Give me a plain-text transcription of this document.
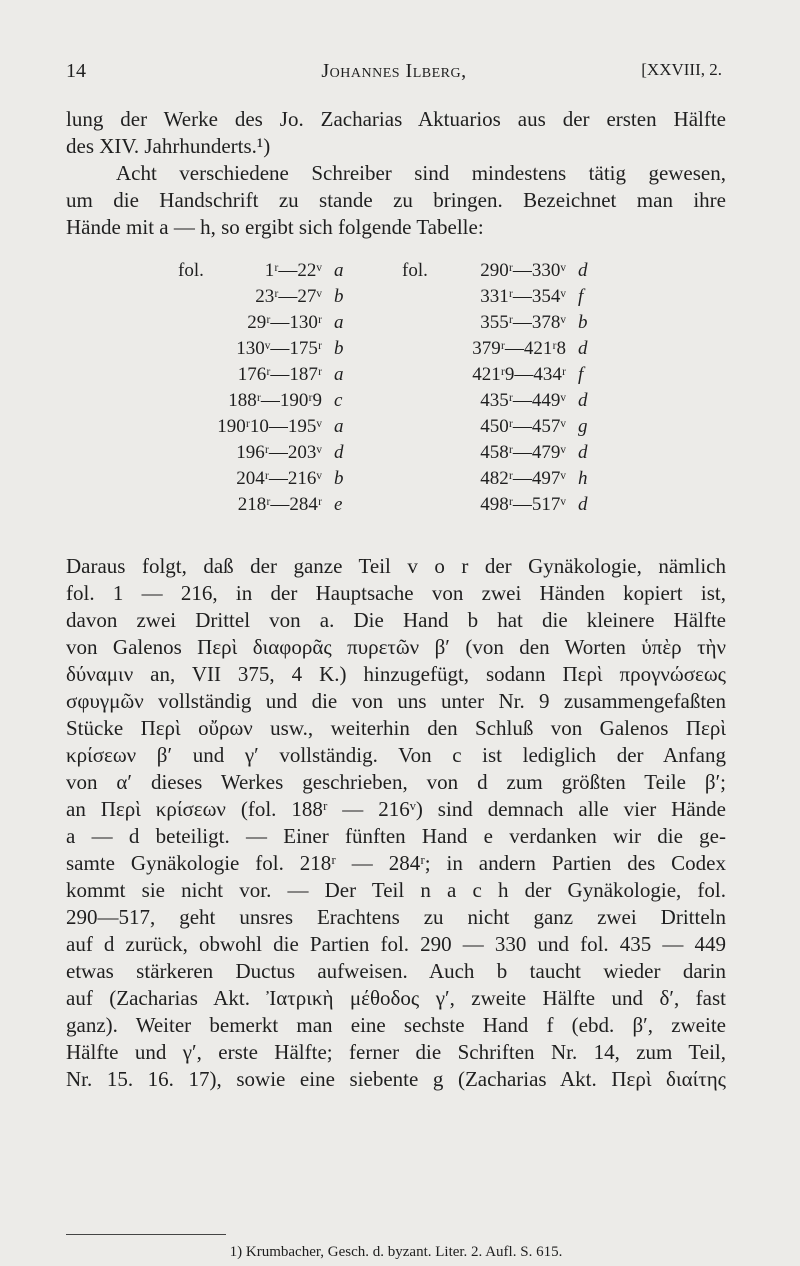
14	Johannes Ilberg,	[XXVIII, 2.
lung der Werke des Jo. Zacharias Aktuarios aus der ersten Hälfte
des XIV. Jahrhunderts.¹)
Acht verschiedene Schreiber sind mindestens tätig gewesen,
um die Handschrift zu stande zu bringen. Bezeichnet man ihre
Hände mit a — h, so ergibt sich folgende Tabelle:
fol.	fol.
1ʳ—22ᵛ a	290ʳ—330ᵛ d
23ʳ—27ᵛ b	331ʳ—354ᵛ f
29ʳ—130ʳ a	355ʳ—378ᵛ b
130ᵛ—175ʳ b	379ʳ—421ʳ8 d
176ʳ—187ʳ a	421ʳ9—434ʳ f
188ʳ—190ʳ9 c	435ʳ—449ᵛ d
190ʳ10—195ᵛ a	450ʳ—457ᵛ g
196ʳ—203ᵛ d	458ʳ—479ᵛ d
204ʳ—216ᵛ b	482ʳ—497ᵛ h
218ʳ—284ʳ e	498ʳ—517ᵛ d
Daraus folgt, daß der ganze Teil v o r der Gynäkologie, nämlich
fol. 1 — 216, in der Hauptsache von zwei Händen kopiert ist,
davon zwei Drittel von a. Die Hand b hat die kleinere Hälfte
von Galenos Περὶ διαφορᾶς πυρετῶν β′ (von den Worten ὑπὲρ τὴν
δύναμιν an, VII 375, 4 K.) hinzugefügt, sodann Περὶ προγνώσεως
σφυγμῶν vollständig und die von uns unter Nr. 9 zusammengefaßten
Stücke Περὶ οὔρων usw., weiterhin den Schluß von Galenos Περὶ
κρίσεων β′ und γ′ vollständig. Von c ist lediglich der Anfang
von α′ dieses Werkes geschrieben, von d zum größten Teile β′;
an Περὶ κρίσεων (fol. 188ʳ — 216ᵛ) sind demnach alle vier Hände
a — d beteiligt. — Einer fünften Hand e verdanken wir die ge-
samte Gynäkologie fol. 218ʳ — 284ʳ; in andern Partien des Codex
kommt sie nicht vor. — Der Teil n a c h der Gynäkologie, fol.
290—517, geht unsres Erachtens zu nicht ganz zwei Dritteln
auf d zurück, obwohl die Partien fol. 290 — 330 und fol. 435 — 449
etwas stärkeren Ductus aufweisen. Auch b taucht wieder darin
auf (Zacharias Akt. Ἰατρικὴ μέθοδος γ′, zweite Hälfte und δ′, fast
ganz). Weiter bemerkt man eine sechste Hand f (ebd. β′, zweite
Hälfte und γ′, erste Hälfte; ferner die Schriften Nr. 14, zum Teil,
Nr. 15. 16. 17), sowie eine siebente g (Zacharias Akt. Περὶ διαίτης
1) Krumbacher, Gesch. d. byzant. Liter. 2. Aufl. S. 615.
